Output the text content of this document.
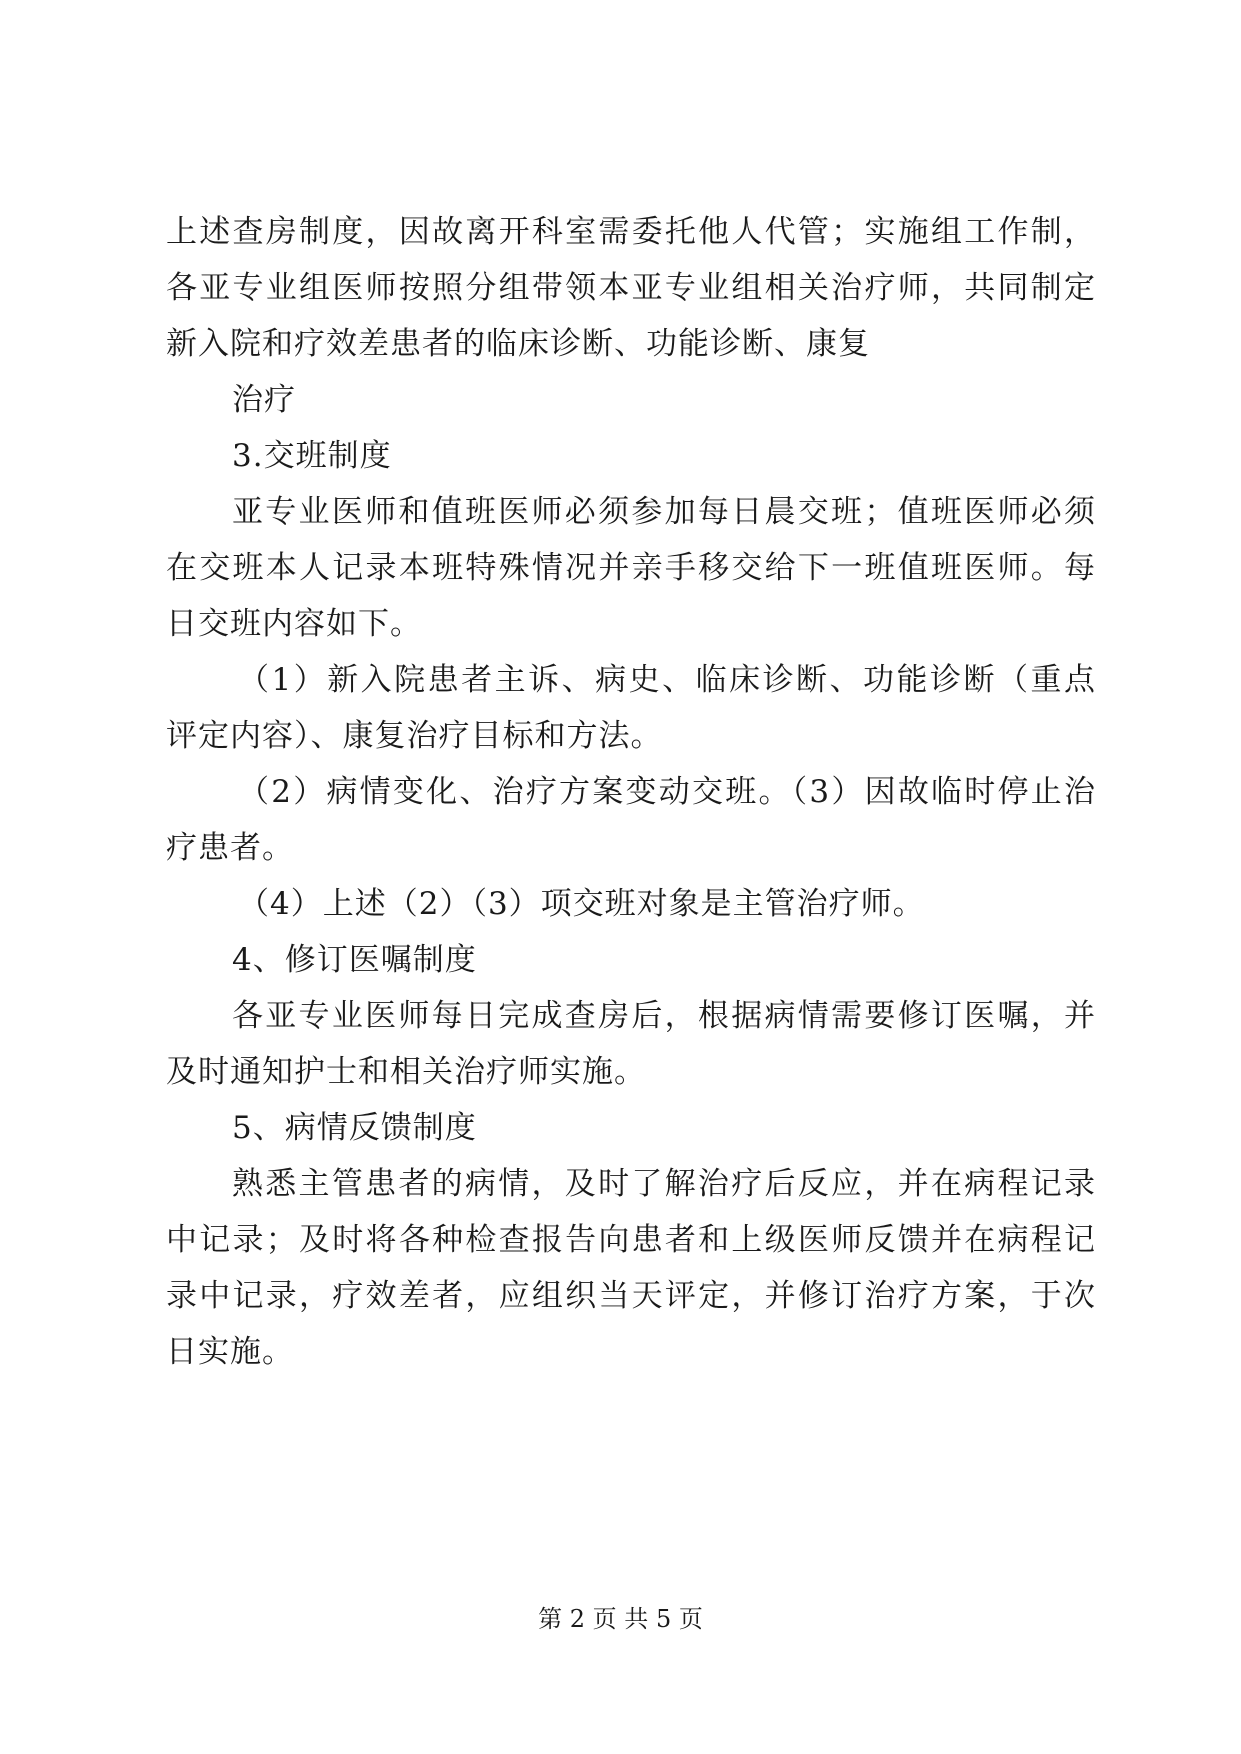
上述查房制度，因故离开科室需委托他人代管；实施组工作制，
各亚专业组医师按照分组带领本亚专业组相关治疗师，共同制定
新入院和疗效差患者的临床诊断、功能诊断、康复
治疗
3.交班制度
亚专业医师和值班医师必须参加每日晨交班；值班医师必须
在交班本人记录本班特殊情况并亲手移交给下一班值班医师。每
日交班内容如下。
（1）新入院患者主诉、病史、临床诊断、功能诊断（重点
评定内容）、康复治疗目标和方法。
（2）病情变化、治疗方案变动交班。（3）因故临时停止治
疗患者。
（4）上述（2）（3）项交班对象是主管治疗师。
4、修订医嘱制度
各亚专业医师每日完成查房后，根据病情需要修订医嘱，并
及时通知护士和相关治疗师实施。
5、病情反馈制度
熟悉主管患者的病情，及时了解治疗后反应，并在病程记录
中记录；及时将各种检查报告向患者和上级医师反馈并在病程记
录中记录，疗效差者，应组织当天评定，并修订治疗方案，于次
日实施。
第 2 页 共 5 页
